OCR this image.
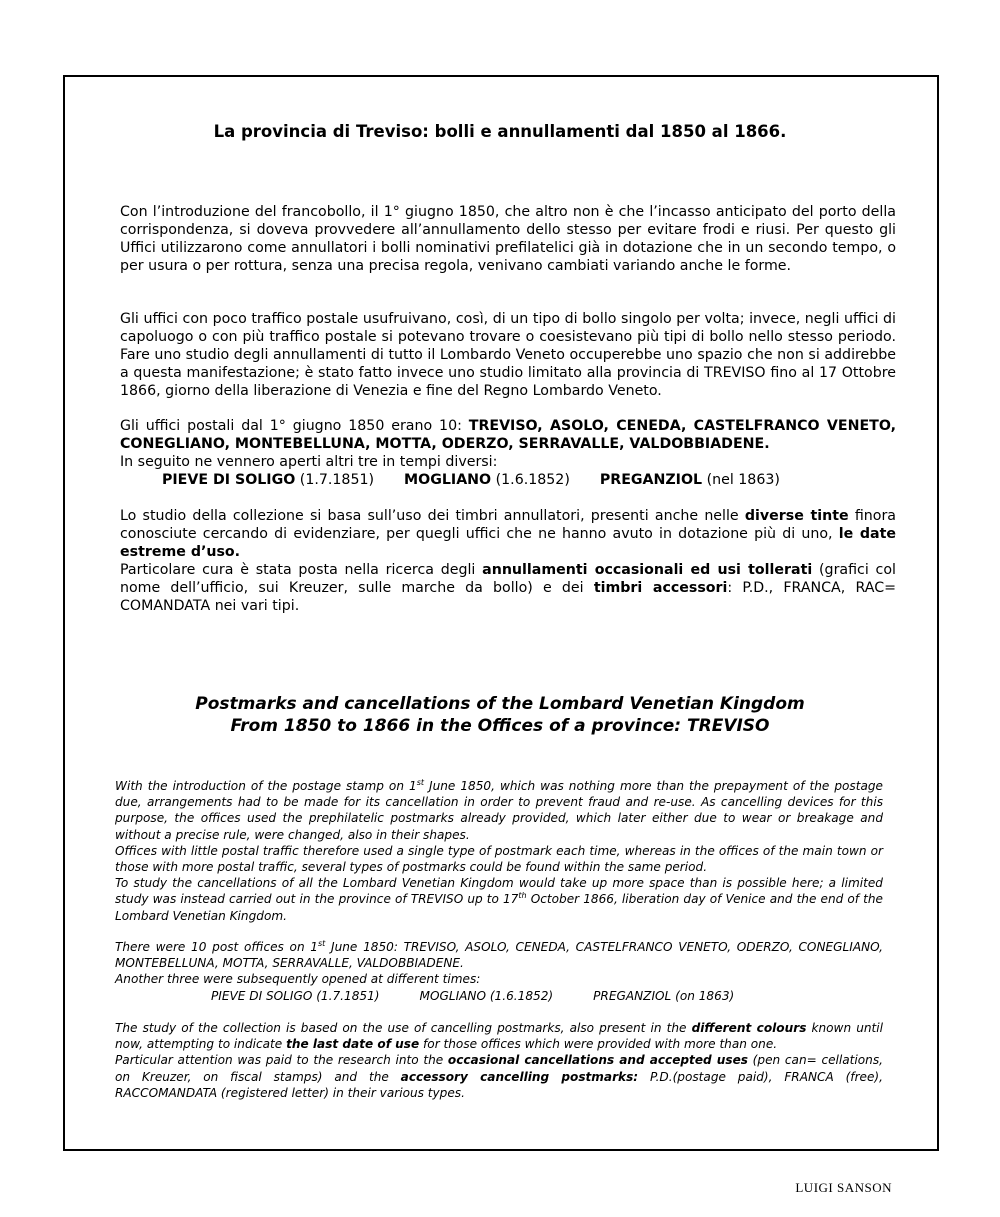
La provincia di Treviso: bolli e annullamenti dal 1850 al 1866.

Con l’introduzione del francobollo, il 1° giugno 1850, che altro non è che l’incasso anticipato del porto della corrispondenza, si doveva provvedere all’annullamento dello stesso per evitare frodi e riusi. Per questo gli Uffici utilizzarono come annullatori i bolli nominativi prefilatelici già in dotazione che in un secondo tempo, o per usura o per rottura, senza una precisa regola, venivano cambiati variando anche le forme.

Gli uffici con poco traffico postale usufruivano, così, di un tipo di bollo singolo per volta; invece, negli uffici di capoluogo o con più traffico postale si potevano trovare o coesistevano più tipi di bollo nello stesso periodo. Fare uno studio degli annullamenti di tutto il Lombardo Veneto occuperebbe uno spazio che non si addirebbe a questa manifestazione; è stato fatto invece uno studio limitato alla provincia di TREVISO fino al 17 Ottobre 1866, giorno della liberazione di Venezia e fine del Regno Lombardo Veneto.

Gli uffici postali dal 1° giugno 1850 erano 10: TREVISO, ASOLO, CENEDA, CASTELFRANCO VENETO, CONEGLIANO, MONTEBELLUNA, MOTTA, ODERZO, SERRAVALLE, VALDOBBIADENE.

In seguito ne vennero aperti altri tre in tempi diversi:

PIEVE DI SOLIGO (1.7.1851) MOGLIANO (1.6.1852) PREGANZIOL (nel 1863)

Lo studio della collezione si basa sull’uso dei timbri annullatori, presenti anche nelle diverse tinte finora conosciute cercando di evidenziare, per quegli uffici che ne hanno avuto in dotazione più di uno, le date estreme d’uso.

Particolare cura è stata posta nella ricerca degli annullamenti occasionali ed usi tollerati (grafici col nome dell’ufficio, sui Kreuzer, sulle marche da bollo) e dei timbri accessori: P.D., FRANCA, RAC= COMANDATA nei vari tipi.

Postmarks and cancellations of the Lombard Venetian Kingdom
From 1850 to 1866 in the Offices of a province: TREVISO

With the introduction of the postage stamp on 1st June 1850, which was nothing more than the prepayment of the postage due, arrangements had to be made for its cancellation in order to prevent fraud and re-use. As cancelling devices for this purpose, the offices used the prephilatelic postmarks already provided, which later either due to wear or breakage and without a precise rule, were changed, also in their shapes.

Offices with little postal traffic therefore used a single type of postmark each time, whereas in the offices of the main town or those with more postal traffic, several types of postmarks could be found within the same period.

To study the cancellations of all the Lombard Venetian Kingdom would take up more space than is possible here; a limited study was instead carried out in the province of TREVISO up to 17th October 1866, liberation day of Venice and the end of the Lombard Venetian Kingdom.

There were 10 post offices on 1st June 1850: TREVISO, ASOLO, CENEDA, CASTELFRANCO VENETO, ODERZO, CONEGLIANO, MONTEBELLUNA, MOTTA, SERRAVALLE, VALDOBBIADENE.

Another three were subsequently opened at different times:

PIEVE DI SOLIGO (1.7.1851)	MOGLIANO (1.6.1852)	PREGANZIOL (on 1863)

The study of the collection is based on the use of cancelling postmarks, also present in the different colours known until now, attempting to indicate the last date of use for those offices which were provided with more than one.

Particular attention was paid to the research into the occasional cancellations and accepted uses (pen can= cellations, on Kreuzer, on fiscal stamps) and the accessory cancelling postmarks: P.D.(postage paid), FRANCA (free), RACCOMANDATA (registered letter) in their various types.

LUIGI SANSON
